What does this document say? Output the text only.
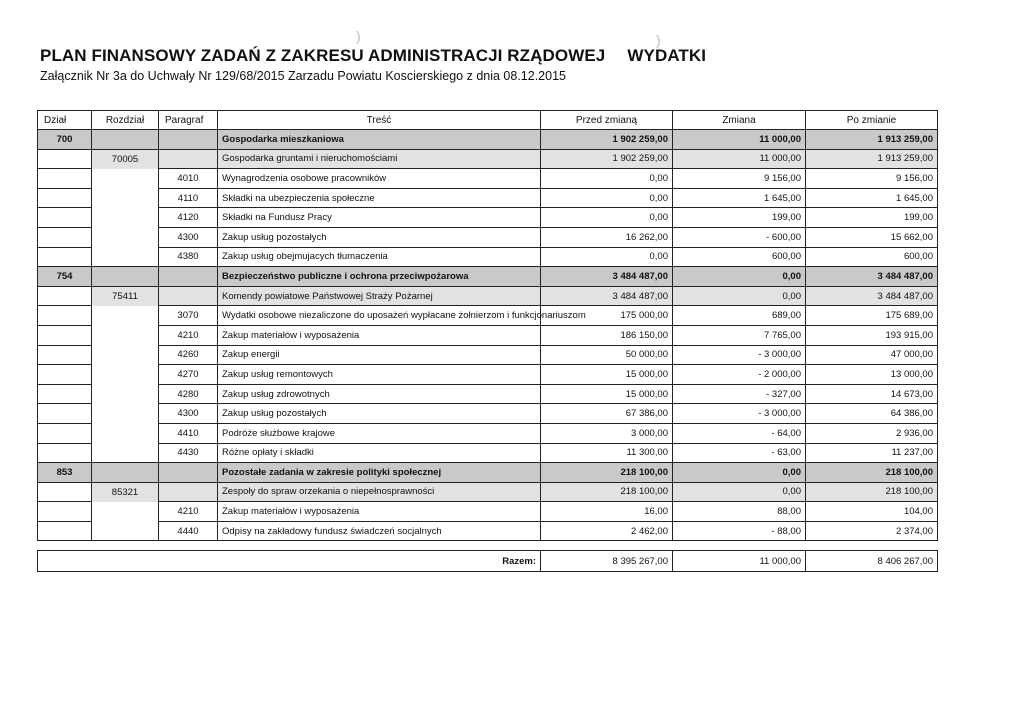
)	)
PLAN FINANSOWY ZADAŃ Z ZAKRESU ADMINISTRACJI RZĄDOWEJ WYDATKI
Załącznik Nr 3a do Uchwały Nr 129/68/2015 Zarzadu Powiatu Koscierskiego z dnia 08.12.2015
Dział	Rozdział	Paragraf	Treść	Przed zmianą	Zmiana	Po zmianie
700			Gospodarka mieszkaniowa	1 902 259,00	11 000,00	1 913 259,00
	70005		Gospodarka gruntami i nieruchomościami	1 902 259,00	11 000,00	1 913 259,00
		4010	Wynagrodzenia osobowe pracowników	0,00	9 156,00	9 156,00
		4110	Składki na ubezpieczenia społeczne	0,00	1 645,00	1 645,00
		4120	Składki na Fundusz Pracy	0,00	199,00	199,00
		4300	Zakup usług pozostałych	16 262,00	- 600,00	15 662,00
		4380	Zakup usług obejmujacych tłumaczenia	0,00	600,00	600,00
754			Bezpieczeństwo publiczne i ochrona przeciwpożarowa	3 484 487,00	0,00	3 484 487,00
	75411		Komendy powiatowe Państwowej Straży Pożarnej	3 484 487,00	0,00	3 484 487,00
		3070	Wydatki osobowe niezaliczone do uposażeń wypłacane żołnierzom i funkcjonariuszom	175 000,00	689,00	175 689,00
		4210	Zakup materiałów i wyposażenia	186 150,00	7 765,00	193 915,00
		4260	Zakup energii	50 000,00	- 3 000,00	47 000,00
		4270	Zakup usług remontowych	15 000,00	- 2 000,00	13 000,00
		4280	Zakup usług zdrowotnych	15 000,00	- 327,00	14 673,00
		4300	Zakup usług pozostałych	67 386,00	- 3 000,00	64 386,00
		4410	Podróże służbowe krajowe	3 000,00	- 64,00	2 936,00
		4430	Różne opłaty i składki	11 300,00	- 63,00	11 237,00
853			Pozostałe zadania w zakresie polityki społecznej	218 100,00	0,00	218 100,00
	85321		Zespoły do spraw orzekania o niepełnosprawności	218 100,00	0,00	218 100,00
		4210	Zakup materiałów i wyposażenia	16,00	88,00	104,00
		4440	Odpisy na zakładowy fundusz świadczeń socjalnych	2 462,00	- 88,00	2 374,00

Razem:				8 395 267,00	11 000,00	8 406 267,00
